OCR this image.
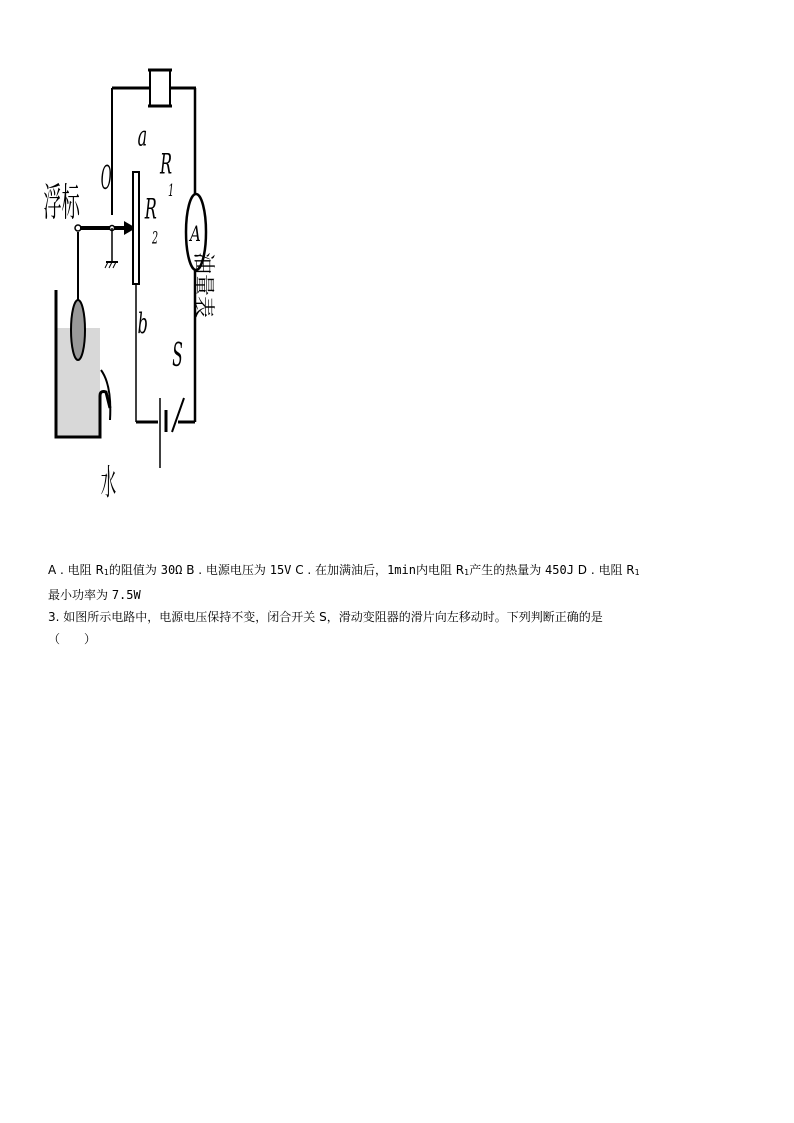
A
浮标
水
油量表
O
a
b
R
1
R
2
S
A . 电阻 $R_1$的阻值为 30Ω B . 电源电压为 15V C . 在加满油后，1min内电阻 $R_1$产生的热量为 450J D . 电阻 $R_1$
最小功率为 7.5W
3. 如图所示电路中，电源电压保持不变，闭合开关 S，滑动变阻器的滑片向左移动时。下列判断正确的是
（　　）
